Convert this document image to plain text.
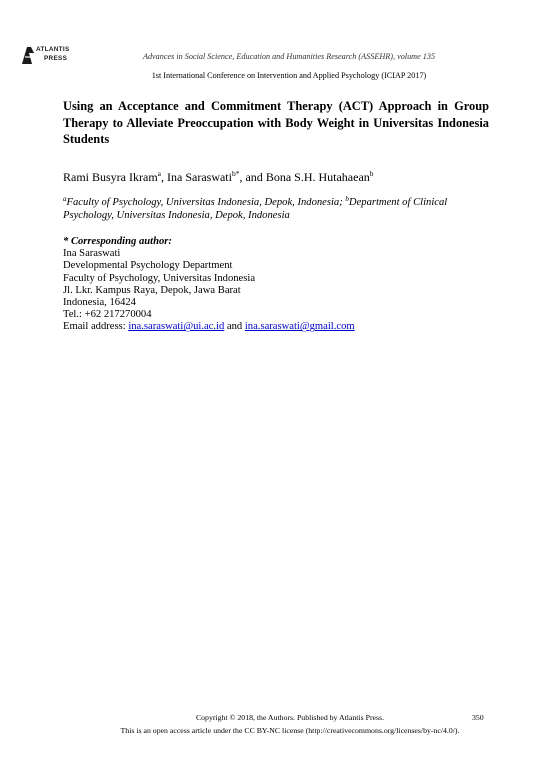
ATLANTIS
PRESS	Advances in Social Science, Education and Humanities Research (ASSEHR), volume 135
1st International Conference on Intervention and Applied Psychology (ICIAP 2017)
Using an Acceptance and Commitment Therapy (ACT) Approach in Group Therapy to Alleviate Preoccupation with Body Weight in Universitas Indonesia Students
Rami Busyra Ikram$^a$, Ina Saraswati$^{b*}$, and Bona S.H. Hutahaean$^b$
$^a$Faculty of Psychology, Universitas Indonesia, Depok, Indonesia; $^b$Department of Clinical Psychology, Universitas Indonesia, Depok, Indonesia
* Corresponding author:
Ina Saraswati
Developmental Psychology Department
Faculty of Psychology, Universitas Indonesia
Jl. Lkr. Kampus Raya, Depok, Jawa Barat
Indonesia, 16424
Tel.: +62 217270004
Email address: ina.saraswati@ui.ac.id and ina.saraswati@gmail.com
Copyright © 2018, the Authors. Published by Atlantis Press.	350
This is an open access article under the CC BY-NC license (http://creativecommons.org/licenses/by-nc/4.0/).
